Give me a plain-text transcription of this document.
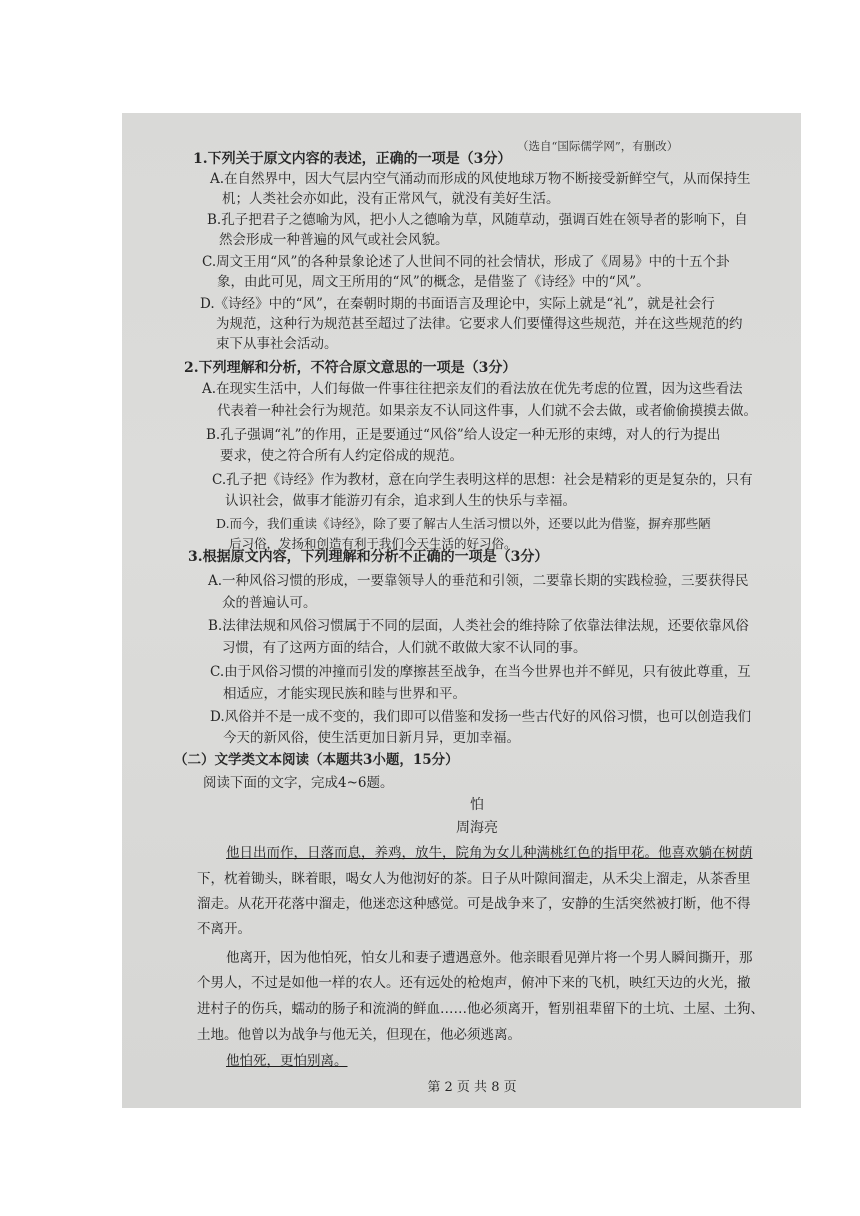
（选自“国际儒学网”，有删改）
1.下列关于原文内容的表述，正确的一项是（3分）
A.在自然界中，因大气层内空气涌动而形成的风使地球万物不断接受新鲜空气，从而保持生
机；人类社会亦如此，没有正常风气，就没有美好生活。
B.孔子把君子之德喻为风，把小人之德喻为草，风随草动，强调百姓在领导者的影响下，自
然会形成一种普遍的风气或社会风貌。
C.周文王用“风”的各种景象论述了人世间不同的社会情状，形成了《周易》中的十五个卦
象，由此可见，周文王所用的“风”的概念，是借鉴了《诗经》中的“风”。
D.《诗经》中的“风”，在秦朝时期的书面语言及理论中，实际上就是“礼”，就是社会行
为规范，这种行为规范甚至超过了法律。它要求人们要懂得这些规范，并在这些规范的约
束下从事社会活动。
2.下列理解和分析，不符合原文意思的一项是（3分）
A.在现实生活中，人们每做一件事往往把亲友们的看法放在优先考虑的位置，因为这些看法
代表着一种社会行为规范。如果亲友不认同这件事，人们就不会去做，或者偷偷摸摸去做。
B.孔子强调“礼”的作用，正是要通过“风俗”给人设定一种无形的束缚，对人的行为提出
要求，使之符合所有人约定俗成的规范。
C.孔子把《诗经》作为教材，意在向学生表明这样的思想：社会是精彩的更是复杂的，只有
认识社会，做事才能游刃有余，追求到人生的快乐与幸福。
D.而今，我们重读《诗经》，除了要了解古人生活习惯以外，还要以此为借鉴，摒弃那些陋
后习俗，发扬和创造有利于我们今天生活的好习俗。
3.根据原文内容，下列理解和分析不正确的一项是（3分）
A.一种风俗习惯的形成，一要靠领导人的垂范和引领，二要靠长期的实践检验，三要获得民
众的普遍认可。
B.法律法规和风俗习惯属于不同的层面，人类社会的维持除了依靠法律法规，还要依靠风俗
习惯，有了这两方面的结合，人们就不敢做大家不认同的事。
C.由于风俗习惯的冲撞而引发的摩擦甚至战争，在当今世界也并不鲜见，只有彼此尊重，互
相适应，才能实现民族和睦与世界和平。
D.风俗并不是一成不变的，我们即可以借鉴和发扬一些古代好的风俗习惯，也可以创造我们
今天的新风俗，使生活更加日新月异，更加幸福。
（二）文学类文本阅读（本题共3小题，15分）
阅读下面的文字，完成4~6题。
怕
周海亮
他日出而作，日落而息，养鸡，放牛，院角为女儿种满桃红色的指甲花。他喜欢躺在树荫
下，枕着锄头，眯着眼，喝女人为他沏好的茶。日子从叶隙间溜走，从禾尖上溜走，从茶香里
溜走。从花开花落中溜走，他迷恋这种感觉。可是战争来了，安静的生活突然被打断，他不得
不离开。
他离开，因为他怕死，怕女儿和妻子遭遇意外。他亲眼看见弹片将一个男人瞬间撕开，那
个男人，不过是如他一样的农人。还有远处的枪炮声，俯冲下来的飞机，映红天边的火光，撤
进村子的伤兵，蠕动的肠子和流淌的鲜血……他必须离开，暂别祖辈留下的土坑、土屋、土狗、
土地。他曾以为战争与他无关，但现在，他必须逃离。
他怕死，更怕别离。
第 2 页 共 8 页
